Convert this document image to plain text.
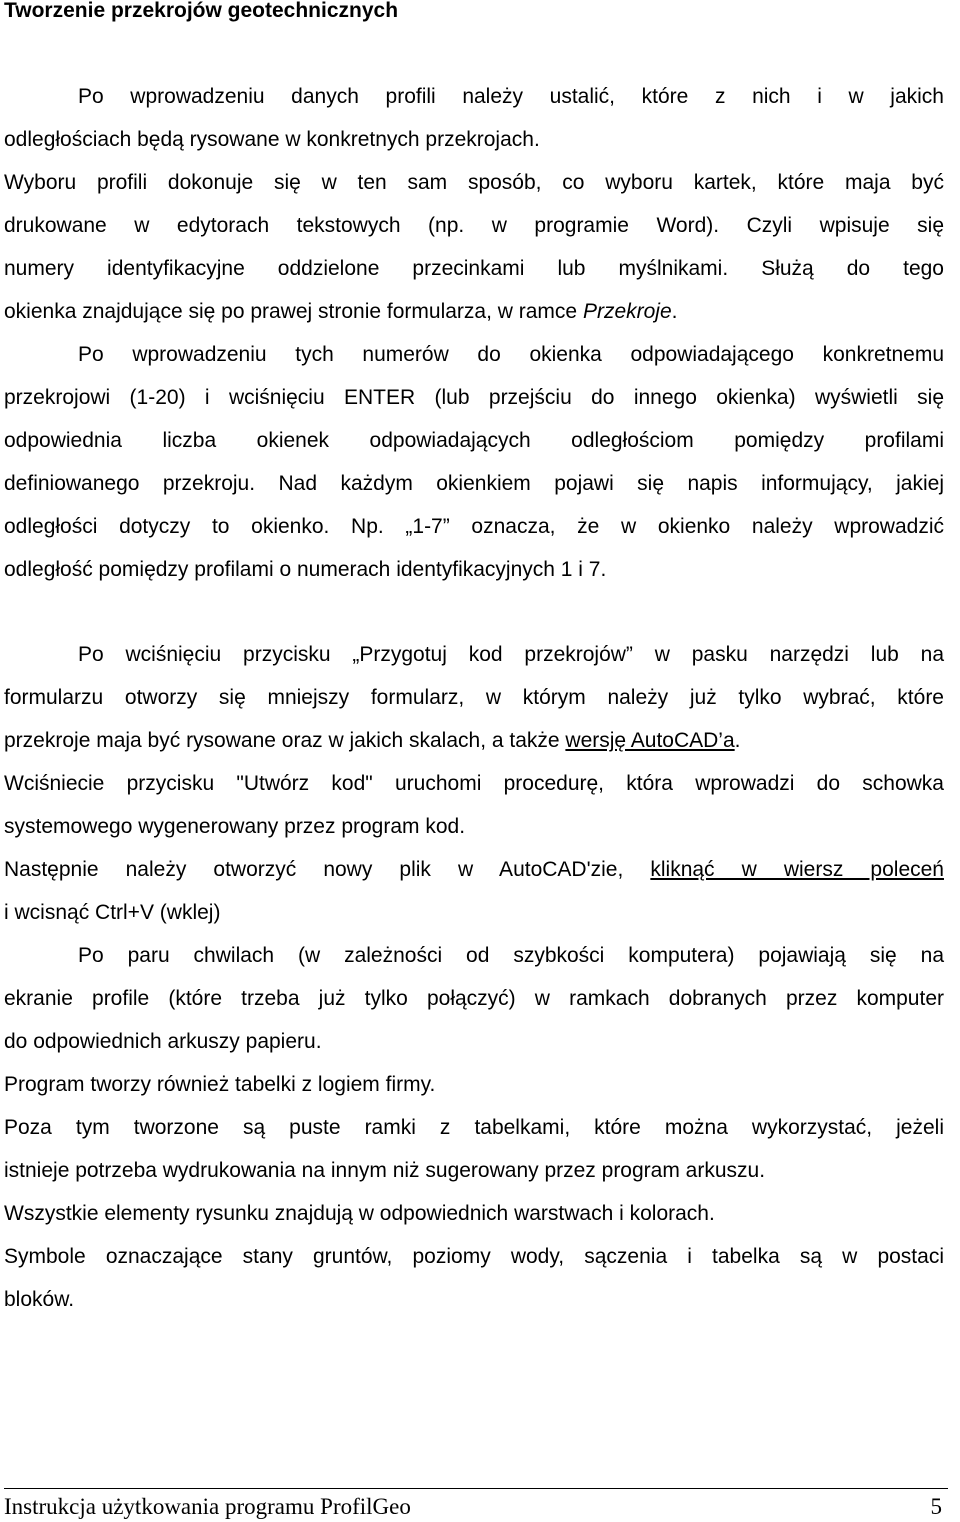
Tworzenie przekrojów geotechnicznych
Po wprowadzeniu danych profili należy ustalić, które z nich i w jakich
odległościach będą rysowane w konkretnych przekrojach.
Wyboru profili dokonuje się w ten sam sposób, co wyboru kartek, które maja być
drukowane w edytorach tekstowych (np. w programie Word). Czyli wpisuje się
numery identyfikacyjne oddzielone przecinkami lub myślnikami. Służą do tego
okienka znajdujące się po prawej stronie formularza, w ramce Przekroje.
Po wprowadzeniu tych numerów do okienka odpowiadającego konkretnemu
przekrojowi (1-20) i wciśnięciu ENTER (lub przejściu do innego okienka) wyświetli się
odpowiednia liczba okienek odpowiadających odległościom pomiędzy profilami
definiowanego przekroju. Nad każdym okienkiem pojawi się napis informujący, jakiej
odległości dotyczy to okienko. Np. „1-7” oznacza, że w okienko należy wprowadzić
odległość pomiędzy profilami o numerach identyfikacyjnych 1 i 7.
Po wciśnięciu przycisku „Przygotuj kod przekrojów” w pasku narzędzi lub na
formularzu otworzy się mniejszy formularz, w którym należy już tylko wybrać, które
przekroje maja być rysowane oraz w jakich skalach, a także wersję AutoCAD’a.
Wciśniecie przycisku "Utwórz kod" uruchomi procedurę, która wprowadzi do schowka
systemowego wygenerowany przez program kod.
Następnie należy otworzyć nowy plik w AutoCAD'zie, kliknąć w wiersz poleceń
i wcisnąć Ctrl+V (wklej)
Po paru chwilach (w zależności od szybkości komputera) pojawiają się na
ekranie profile (które trzeba już tylko połączyć) w ramkach dobranych przez komputer
do odpowiednich arkuszy papieru.
Program tworzy również tabelki z logiem firmy.
Poza tym tworzone są puste ramki z tabelkami, które można wykorzystać, jeżeli
istnieje potrzeba wydrukowania na innym niż sugerowany przez program arkuszu.
Wszystkie elementy rysunku znajdują w odpowiednich warstwach i kolorach.
Symbole oznaczające stany gruntów, poziomy wody, sączenia i tabelka są w postaci
bloków.
Instrukcja użytkowania programu ProfilGeo	5
